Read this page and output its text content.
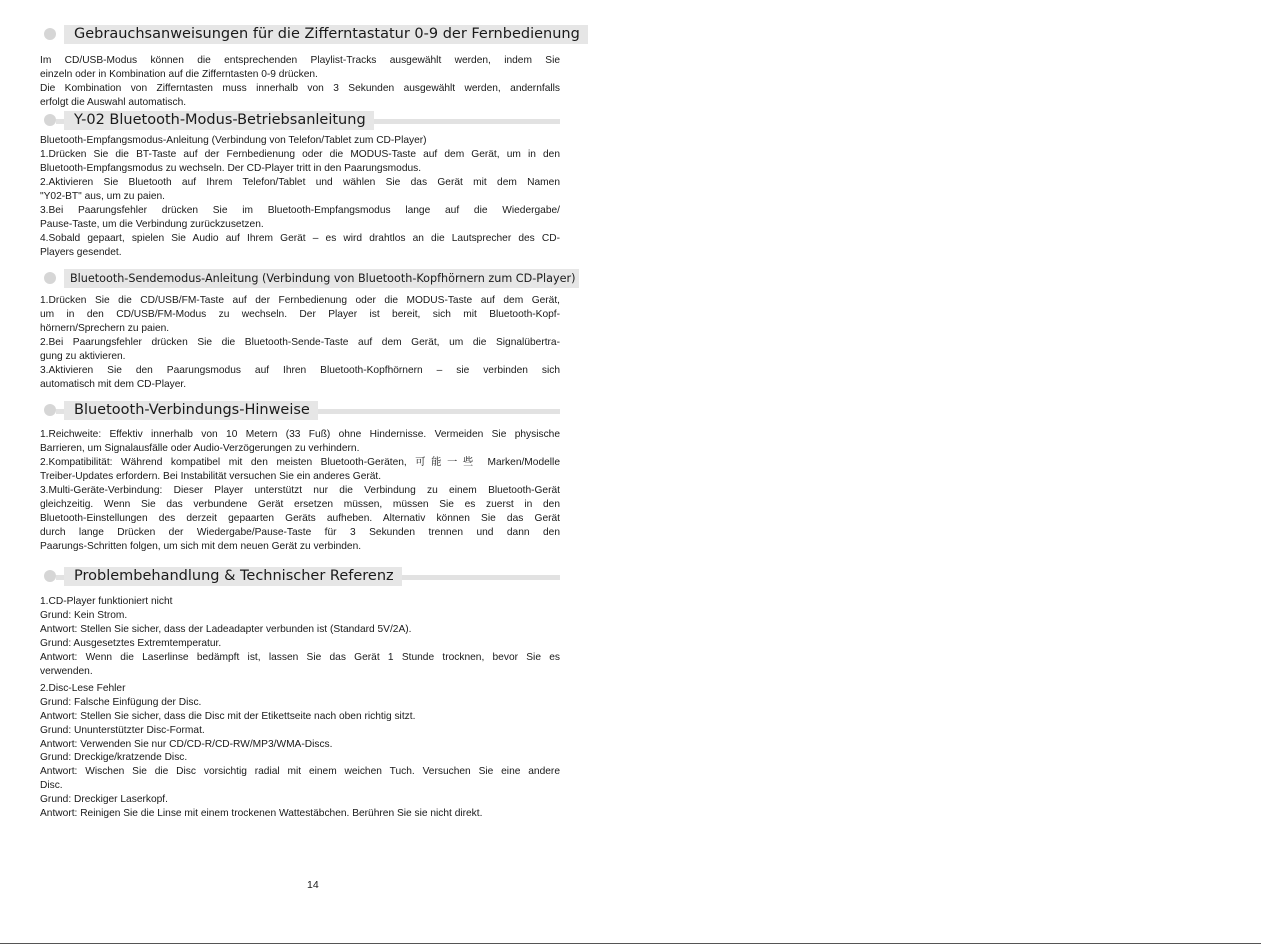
Gebrauchsanweisungen für die Zifferntastatur 0-9 der Fernbedienung
Im CD/USB-Modus können die entsprechenden Playlist-Tracks ausgewählt werden, indem Sie
einzeln oder in Kombination auf die Zifferntasten 0-9 drücken.
Die Kombination von Zifferntasten muss innerhalb von 3 Sekunden ausgewählt werden, andernfalls
erfolgt die Auswahl automatisch.
Y-02 Bluetooth-Modus-Betriebsanleitung
Bluetooth-Empfangsmodus-Anleitung (Verbindung von Telefon/Tablet zum CD-Player)
1.Drücken Sie die BT-Taste auf der Fernbedienung oder die MODUS-Taste auf dem Gerät, um in den
Bluetooth-Empfangsmodus zu wechseln. Der CD-Player tritt in den Paarungsmodus.
2.Aktivieren Sie Bluetooth auf Ihrem Telefon/Tablet und wählen Sie das Gerät mit dem Namen
"Y02-BT" aus, um zu paien.
3.Bei Paarungsfehler drücken Sie im Bluetooth-Empfangsmodus lange auf die Wiedergabe/
Pause-Taste, um die Verbindung zurückzusetzen.
4.Sobald gepaart, spielen Sie Audio auf Ihrem Gerät – es wird drahtlos an die Lautsprecher des CD-
Players gesendet.
Bluetooth-Sendemodus-Anleitung (Verbindung von Bluetooth-Kopfhörnern zum CD-Player)
1.Drücken Sie die CD/USB/FM-Taste auf der Fernbedienung oder die MODUS-Taste auf dem Gerät,
um in den CD/USB/FM-Modus zu wechseln. Der Player ist bereit, sich mit Bluetooth-Kopf-
hörnern/Sprechern zu paien.
2.Bei Paarungsfehler drücken Sie die Bluetooth-Sende-Taste auf dem Gerät, um die Signalübertra-
gung zu aktivieren.
3.Aktivieren Sie den Paarungsmodus auf Ihren Bluetooth-Kopfhörnern – sie verbinden sich
automatisch mit dem CD-Player.
Bluetooth-Verbindungs-Hinweise
1.Reichweite: Effektiv innerhalb von 10 Metern (33 Fuß) ohne Hindernisse. Vermeiden Sie physische
Barrieren, um Signalausfälle oder Audio-Verzögerungen zu verhindern.
2.Kompatibilität: Während kompatibel mit den meisten Bluetooth-Geräten, 可能一些 Marken/Modelle
Treiber-Updates erfordern. Bei Instabilität versuchen Sie ein anderes Gerät.
3.Multi-Geräte-Verbindung: Dieser Player unterstützt nur die Verbindung zu einem Bluetooth-Gerät
gleichzeitig. Wenn Sie das verbundene Gerät ersetzen müssen, müssen Sie es zuerst in den
Bluetooth-Einstellungen des derzeit gepaarten Geräts aufheben. Alternativ können Sie das Gerät
durch lange Drücken der Wiedergabe/Pause-Taste für 3 Sekunden trennen und dann den
Paarungs-Schritten folgen, um sich mit dem neuen Gerät zu verbinden.
Problembehandlung & Technischer Referenz
1.CD-Player funktioniert nicht
Grund: Kein Strom.
Antwort: Stellen Sie sicher, dass der Ladeadapter verbunden ist (Standard 5V/2A).
Grund: Ausgesetztes Extremtemperatur.
Antwort: Wenn die Laserlinse bedämpft ist, lassen Sie das Gerät 1 Stunde trocknen, bevor Sie es
verwenden.
2.Disc-Lese Fehler
Grund: Falsche Einfügung der Disc.
Antwort: Stellen Sie sicher, dass die Disc mit der Etikettseite nach oben richtig sitzt.
Grund: Ununterstützter Disc-Format.
Antwort: Verwenden Sie nur CD/CD-R/CD-RW/MP3/WMA-Discs.
Grund: Dreckige/kratzende Disc.
Antwort: Wischen Sie die Disc vorsichtig radial mit einem weichen Tuch. Versuchen Sie eine andere
Disc.
Grund: Dreckiger Laserkopf.
Antwort: Reinigen Sie die Linse mit einem trockenen Wattestäbchen. Berühren Sie sie nicht direkt.
14
